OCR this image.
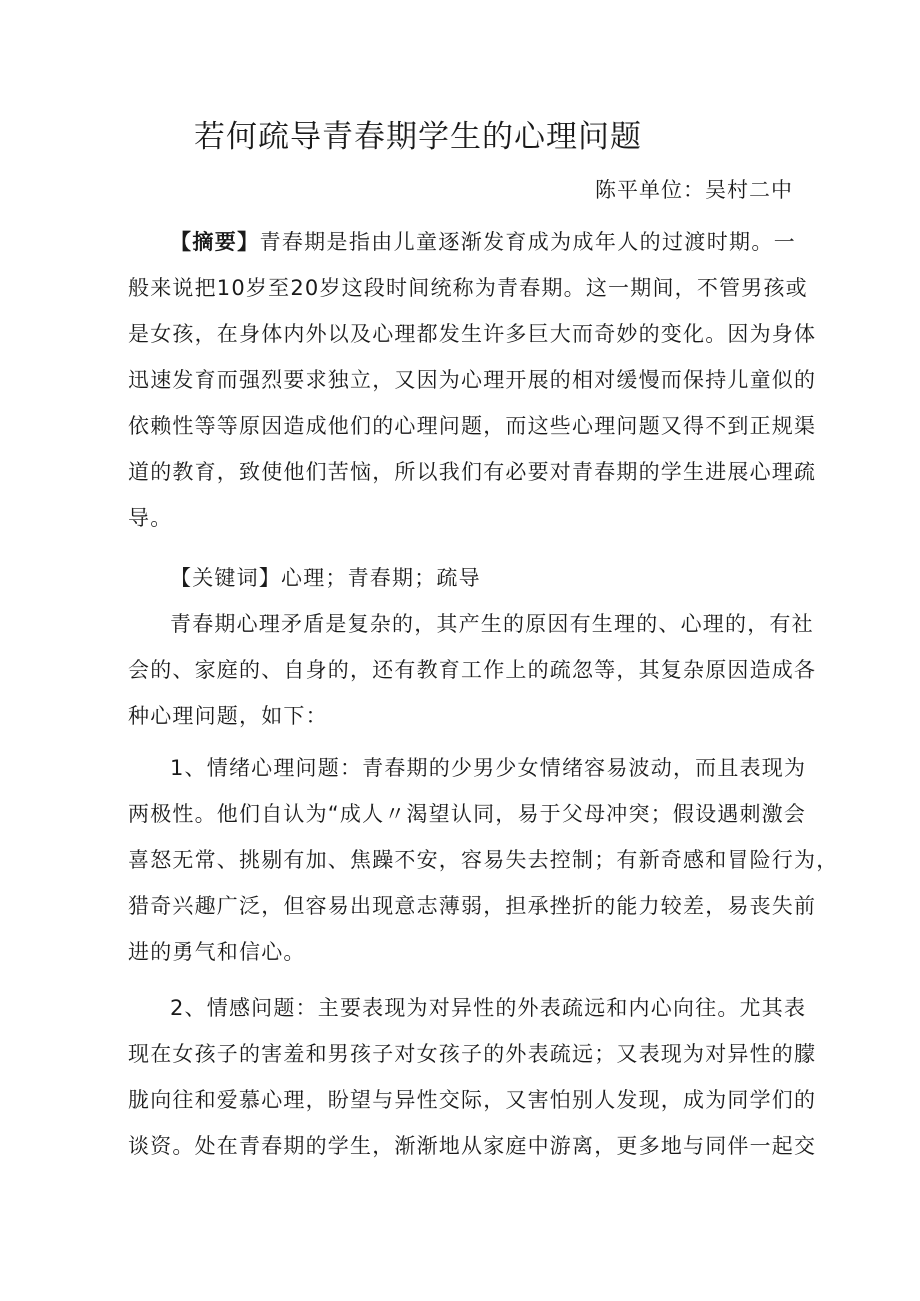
若何疏导青春期学生的心理问题
陈平单位：吴村二中
【摘要】青春期是指由儿童逐渐发育成为成年人的过渡时期。一
般来说把10岁至20岁这段时间统称为青春期。这一期间，不管男孩或
是女孩，在身体内外以及心理都发生许多巨大而奇妙的变化。因为身体
迅速发育而强烈要求独立，又因为心理开展的相对缓慢而保持儿童似的
依赖性等等原因造成他们的心理问题，而这些心理问题又得不到正规渠
道的教育，致使他们苦恼，所以我们有必要对青春期的学生进展心理疏
导。
【关键词】心理；青春期；疏导
青春期心理矛盾是复杂的，其产生的原因有生理的、心理的，有社
会的、家庭的、自身的，还有教育工作上的疏忽等，其复杂原因造成各
种心理问题，如下：
1、情绪心理问题：青春期的少男少女情绪容易波动，而且表现为
两极性。他们自认为“成人〃渴望认同，易于父母冲突；假设遇刺激会
喜怒无常、挑剔有加、焦躁不安，容易失去控制；有新奇感和冒险行为，
猎奇兴趣广泛，但容易出现意志薄弱，担承挫折的能力较差，易丧失前
进的勇气和信心。
2、情感问题：主要表现为对异性的外表疏远和内心向往。尤其表
现在女孩子的害羞和男孩子对女孩子的外表疏远；又表现为对异性的朦
胧向往和爱慕心理，盼望与异性交际，又害怕别人发现，成为同学们的
谈资。处在青春期的学生，渐渐地从家庭中游离，更多地与同伴一起交
